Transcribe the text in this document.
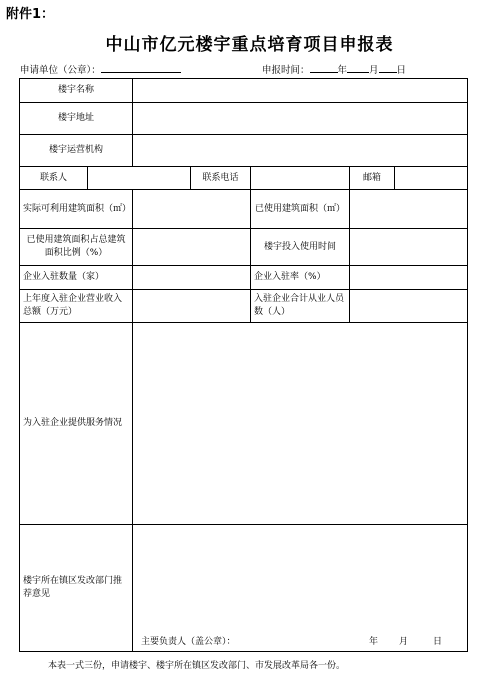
附件1：
中山市亿元楼宇重点培育项目申报表
申请单位（公章）：	申报时间：	年 月 日
楼宇名称						
楼宇地址						
楼宇运营机构						
联系人			联系电话		邮箱	
实际可利用建筑面积（㎡）				已使用建筑面积（㎡）		
已使用建筑面积占总建筑面积比例（%）				楼宇投入使用时间		
企业入驻数量（家）				企业入驻率（%）		
上年度入驻企业营业收入总额（万元）				入驻企业合计从业人员数（人）		
为入驻企业提供服务情况						
楼宇所在镇区发改部门推荐意见		主要负责人（盖公章）： 年 月 日				
本表一式三份，申请楼宇、楼宇所在镇区发改部门、市发展改革局各一份。
